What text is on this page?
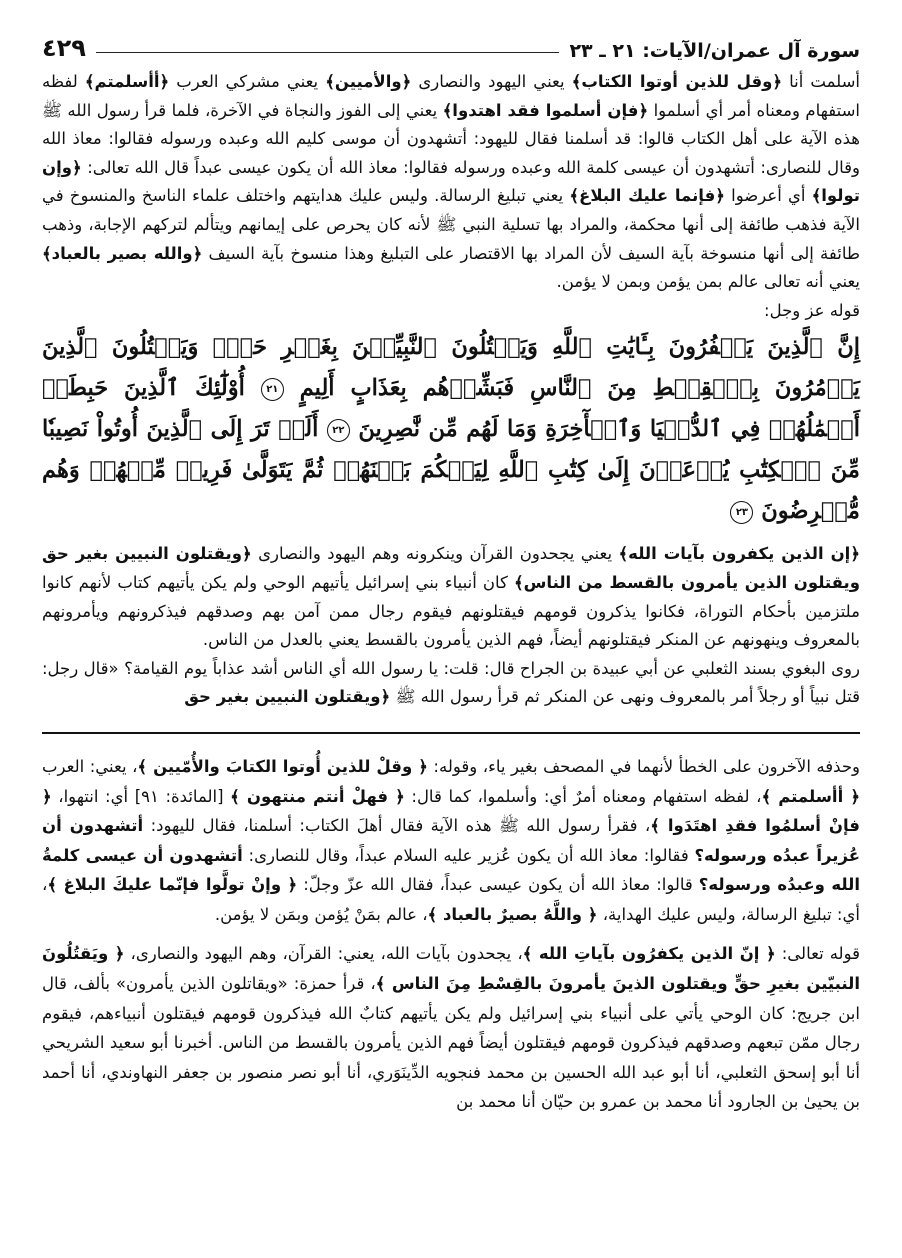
سورة آل عمران/الآيات: ٢١ ـ ٢٣
٤٢٩

أسلمت أنا ﴿وقل للذين أوتوا الكتاب﴾ يعني اليهود والنصارى ﴿والأميين﴾ يعني مشركي العرب ﴿أأسلمتم﴾ لفظه استفهام ومعناه أمر أي أسلموا ﴿فإن أسلموا فقد اهتدوا﴾ يعني إلى الفوز والنجاة في الآخرة، فلما قرأ رسول الله ﷺ هذه الآية على أهل الكتاب قالوا: قد أسلمنا فقال لليهود: أتشهدون أن موسى كليم الله وعبده ورسوله فقالوا: معاذ الله وقال للنصارى: أتشهدون أن عيسى كلمة الله وعبده ورسوله فقالوا: معاذ الله أن يكون عيسى عبداً قال الله تعالى: ﴿وإن تولوا﴾ أي أعرضوا ﴿فإنما عليك البلاغ﴾ يعني تبليغ الرسالة. وليس عليك هدايتهم واختلف علماء الناسخ والمنسوخ في الآية فذهب طائفة إلى أنها محكمة، والمراد بها تسلية النبي ﷺ لأنه كان يحرص على إيمانهم ويتألم لتركهم الإجابة، وذهب طائفة إلى أنها منسوخة بآية السيف لأن المراد بها الاقتصار على التبليغ وهذا منسوخ بآية السيف ﴿والله بصير بالعباد﴾ يعني أنه تعالى عالم بمن يؤمن وبمن لا يؤمن.

قوله عز وجل:

إِنَّ ٱلَّذِينَ يَكۡفُرُونَ بِـَٔايَٰتِ ٱللَّهِ وَيَقۡتُلُونَ ٱلنَّبِيِّـۧنَ بِغَيۡرِ حَقّٖ وَيَقۡتُلُونَ ٱلَّذِينَ يَأۡمُرُونَ بِٱلۡقِسۡطِ مِنَ ٱلنَّاسِ فَبَشِّرۡهُم بِعَذَابٍ أَلِيمٍ ٢١ أُوْلَٰٓئِكَ ٱلَّذِينَ حَبِطَتۡ أَعۡمَٰلُهُمۡ فِي ٱلدُّنۡيَا وَٱلۡأٓخِرَةِ وَمَا لَهُم مِّن نَّٰصِرِينَ ٢٢ أَلَمۡ تَرَ إِلَى ٱلَّذِينَ أُوتُواْ نَصِيبٗا مِّنَ ٱلۡكِتَٰبِ يُدۡعَوۡنَ إِلَىٰ كِتَٰبِ ٱللَّهِ لِيَحۡكُمَ بَيۡنَهُمۡ ثُمَّ يَتَوَلَّىٰ فَرِيقٞ مِّنۡهُمۡ وَهُم مُّعۡرِضُونَ ٢٣

﴿إن الذين يكفرون بآيات الله﴾ يعني يجحدون القرآن وينكرونه وهم اليهود والنصارى ﴿ويقتلون النبيين بغير حق ويقتلون الذين يأمرون بالقسط من الناس﴾ كان أنبياء بني إسرائيل يأتيهم الوحي ولم يكن يأتيهم كتاب لأنهم كانوا ملتزمين بأحكام التوراة، فكانوا يذكرون قومهم فيقتلونهم فيقوم رجال ممن آمن بهم وصدقهم فيذكرونهم ويأمرونهم بالمعروف وينهونهم عن المنكر فيقتلونهم أيضاً، فهم الذين يأمرون بالقسط يعني بالعدل من الناس.

روى البغوي بسند الثعلبي عن أبي عبيدة بن الجراح قال: قلت: يا رسول الله أي الناس أشد عذاباً يوم القيامة؟ «قال رجل: قتل نبياً أو رجلاً أمر بالمعروف ونهى عن المنكر ثم قرأ رسول الله ﷺ ﴿ويقتلون النبيين بغير حق

وحذفه الآخرون على الخطأ لأنهما في المصحف بغير ياء، وقوله: ﴿ وقلْ للذين أُوتوا الكتابَ والأُمّيين ﴾، يعني: العرب ﴿ أأسلمتم ﴾، لفظه استفهام ومعناه أمرٌ أي: وأسلموا، كما قال: ﴿ فهلْ أنتم منتهون ﴾ [المائدة: ٩١] أي: انتهوا، ﴿ فإنْ أسلمُوا فقدِ اهتَدَوا ﴾، فقرأ رسول الله ﷺ هذه الآية فقال أهلَ الكتاب: أسلمنا، فقال لليهود: أتشهدون أن عُزيراً عبدُه ورسوله؟ فقالوا: معاذ الله أن يكون عُزير عليه السلام عبداً، وقال للنصارى: أتشهدون أن عيسى كلمةُ الله وعبدُه ورسوله؟ قالوا: معاذ الله أن يكون عيسى عبداً، فقال الله عزّ وجلّ: ﴿ وإنْ تولَّوا فإنّما عليكَ البلاغ ﴾، أي: تبليغ الرسالة، وليس عليك الهداية، ﴿ واللَّهُ بصيرٌ بالعباد ﴾، عالم بمَنْ يُؤمن وبمَن لا يؤمن.

قوله تعالى: ﴿ إنّ الذين يكفرُون بآياتِ الله ﴾، يجحدون بآيات الله، يعني: القرآن، وهم اليهود والنصارى، ﴿ ويَقتُلُونَ النبيّين بغيرِ حقٍّ ويقتلون الذينَ يأمرونَ بالقِسْطِ مِنَ الناس ﴾، قرأ حمزة: «ويقاتلون الذين يأمرون» بألف، قال ابن جريج: كان الوحي يأتي على أنبياء بني إسرائيل ولم يكن يأتيهم كتابٌ الله فيذكرون قومهم فيقتلون أنبياءهم، فيقوم رجال ممّن تبعهم وصدقهم فيذكرون قومهم فيقتلون أيضاً فهم الذين يأمرون بالقسط من الناس. أخبرنا أبو سعيد الشريحي أنا أبو إسحق الثعلبي، أنا أبو عبد الله الحسين بن محمد فنجويه الدِّينَوَري، أنا أبو نصر منصور بن جعفر النهاوندي، أنا أحمد بن يحيىٰ بن الجارود أنا محمد بن عمرو بن حيّان أنا محمد بن
